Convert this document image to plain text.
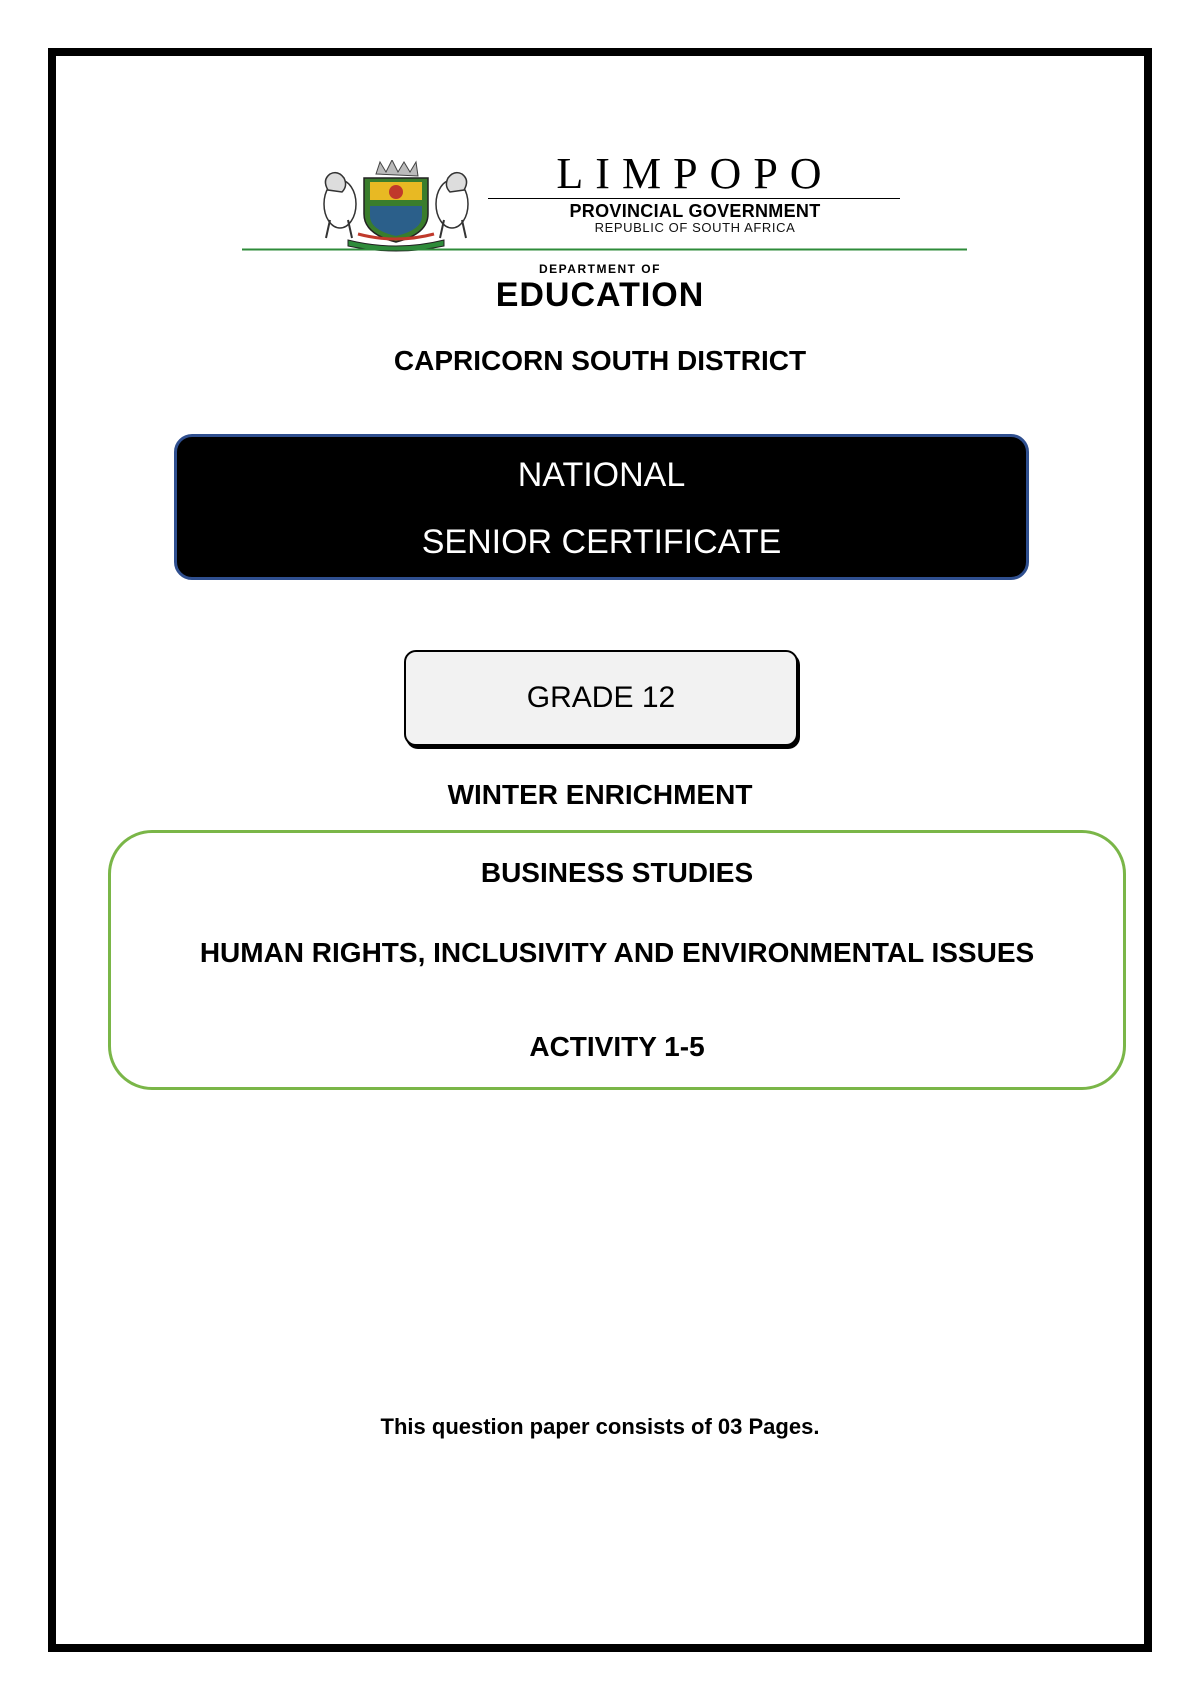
LIMPOPO
PROVINCIAL GOVERNMENT
REPUBLIC OF SOUTH AFRICA
DEPARTMENT OF
EDUCATION
CAPRICORN SOUTH DISTRICT
NATIONAL
SENIOR CERTIFICATE
GRADE 12
WINTER ENRICHMENT
BUSINESS STUDIES
HUMAN RIGHTS, INCLUSIVITY AND ENVIRONMENTAL ISSUES
ACTIVITY 1-5
This question paper consists of 03 Pages.
